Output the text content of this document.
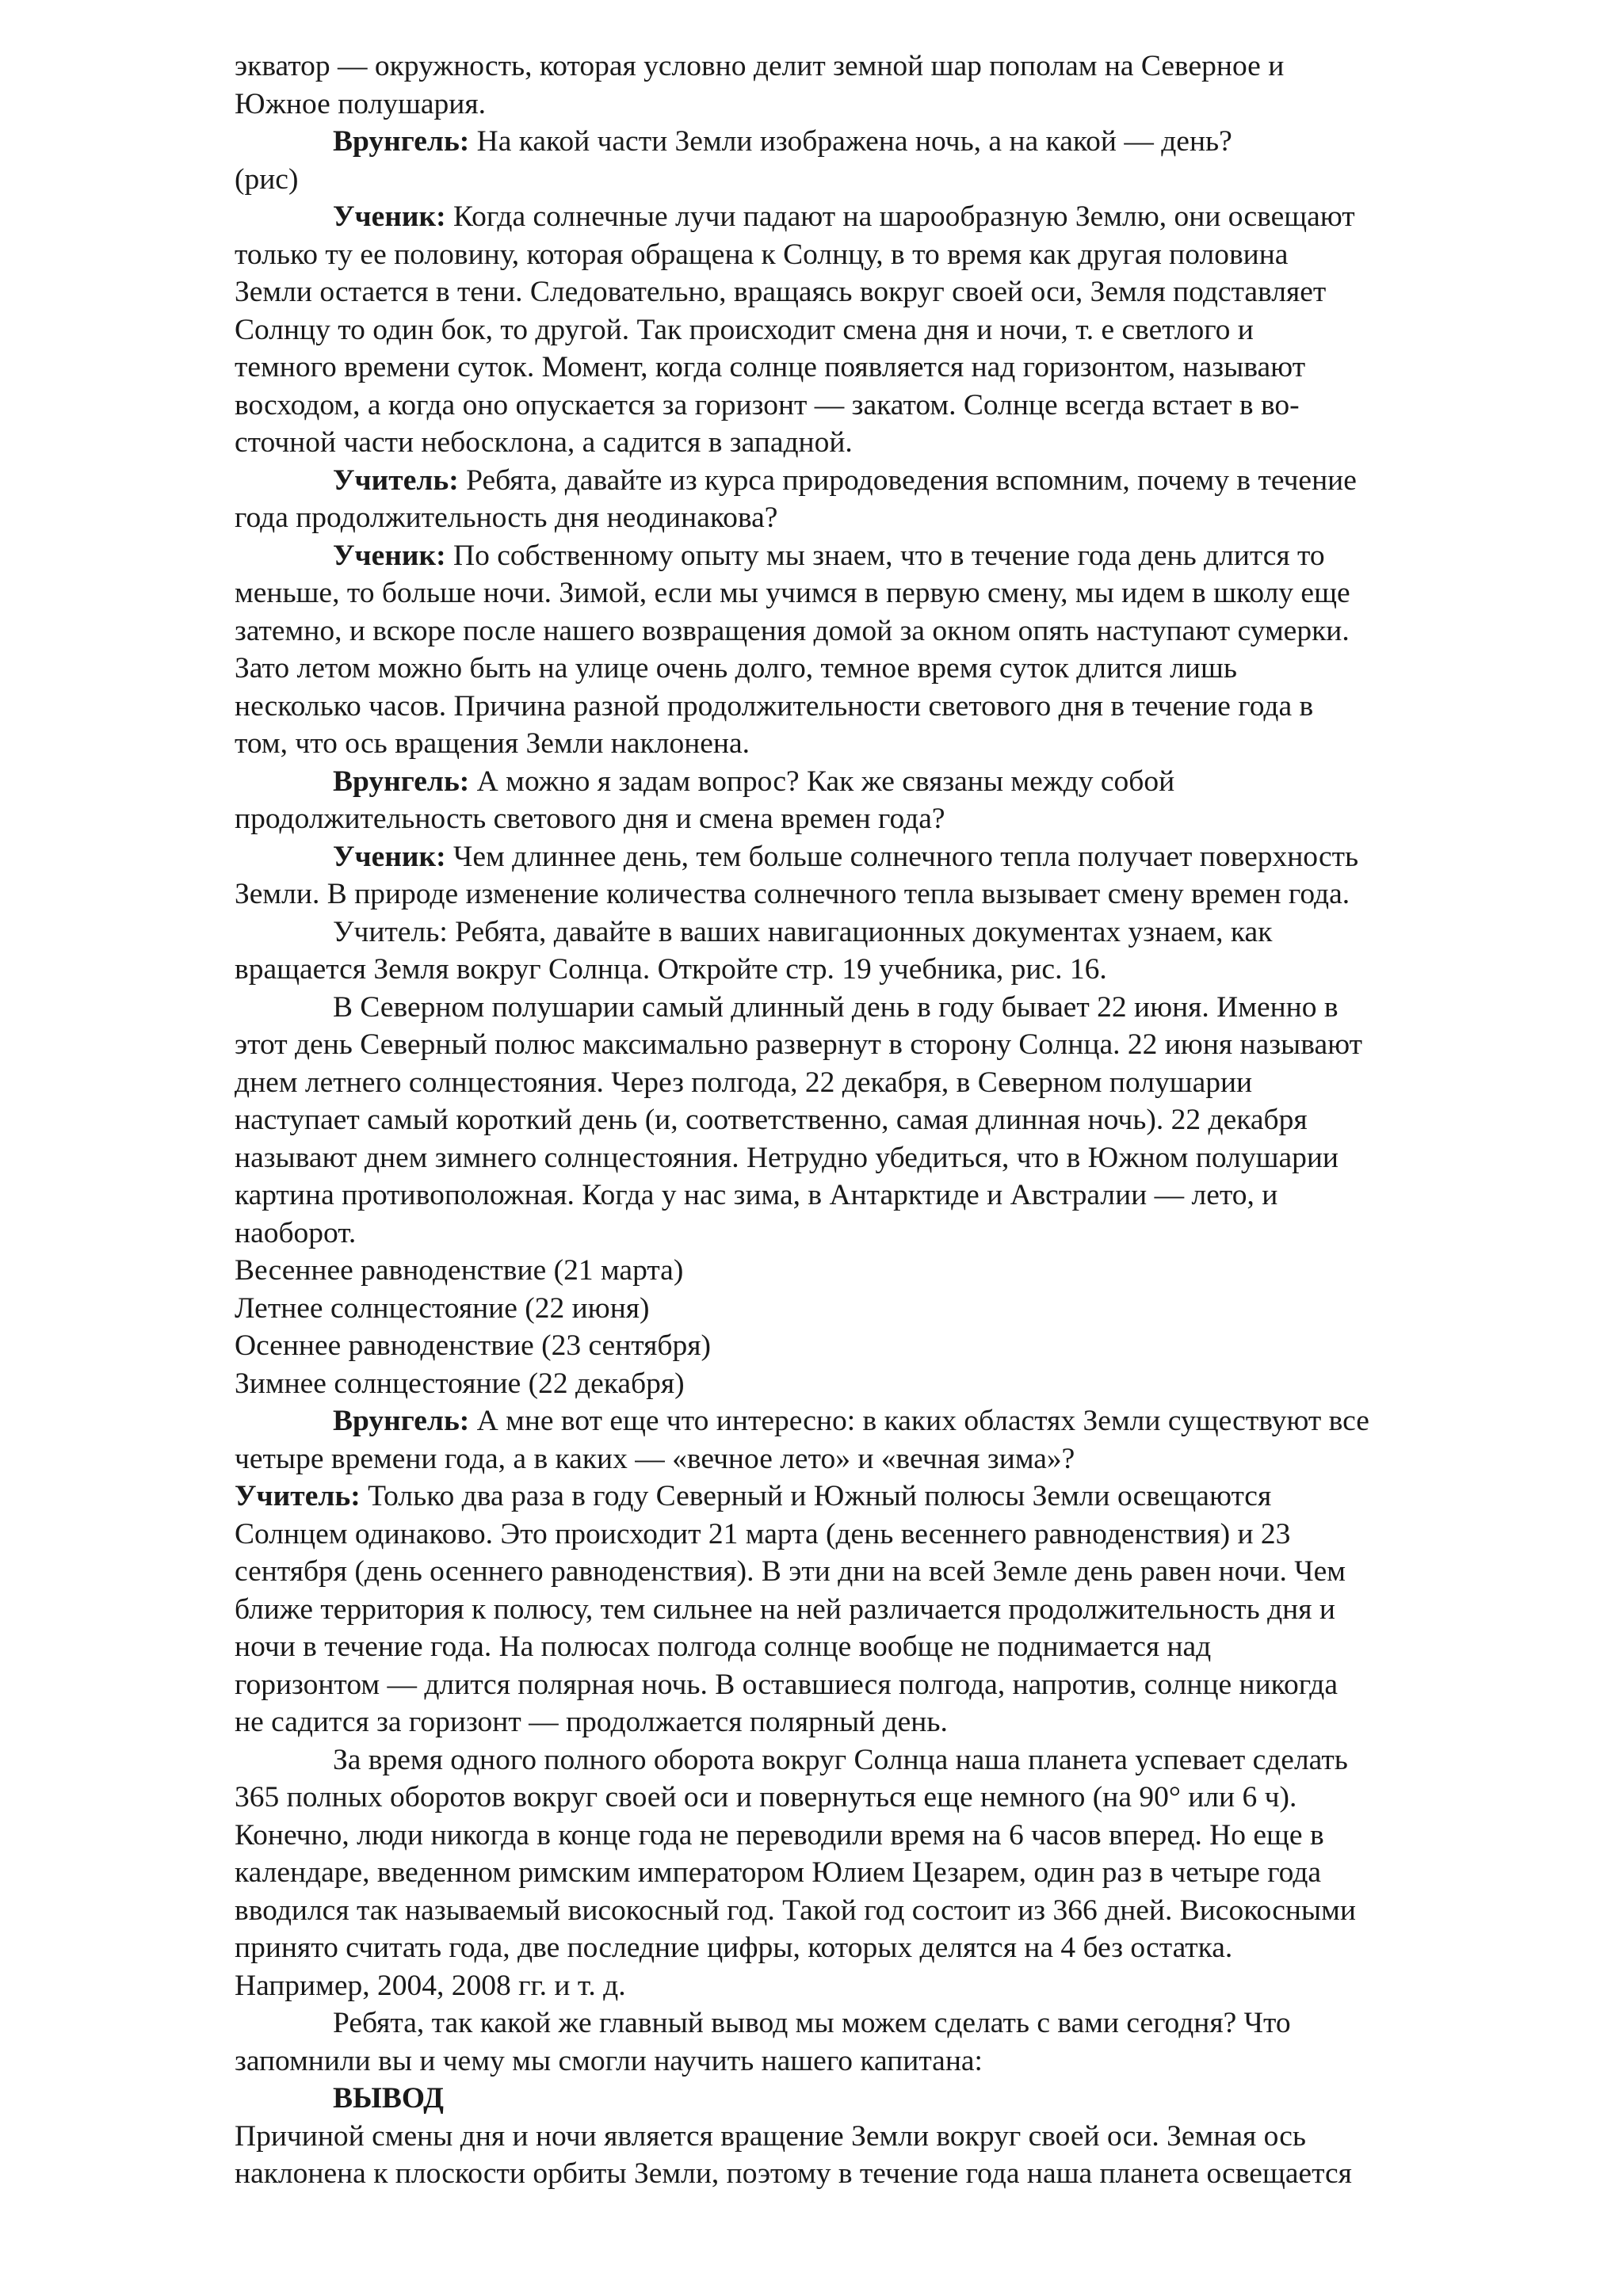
экватор — окружность, которая условно делит земной шар пополам на Северное и
Южное полушария.
Врунгель: На какой части Земли изображена ночь, а на какой — день?
(рис)
Ученик: Когда солнечные лучи падают на шарообразную Землю, они освещают
только ту ее половину, которая обращена к Солнцу, в то время как другая половина
Земли остается в тени. Следовательно, вращаясь вокруг своей оси, Земля подставляет
Солнцу то один бок, то другой. Так происходит смена дня и ночи, т. е светлого и
темного времени суток. Момент, когда солнце появляется над горизонтом, называют
восходом, а когда оно опускается за горизонт — закатом. Солнце всегда встает в во-
сточной части небосклона, а садится в западной.
Учитель: Ребята, давайте из курса природоведения вспомним, почему в течение
года продолжительность дня неодинакова?
Ученик: По собственному опыту мы знаем, что в течение года день длится то
меньше, то больше ночи. Зимой, если мы учимся в первую смену, мы идем в школу еще
затемно, и вскоре после нашего возвращения домой за окном опять наступают сумерки.
Зато летом можно быть на улице очень долго, темное время суток длится лишь
несколько часов. Причина разной продолжительности светового дня в течение года в
том, что ось вращения Земли наклонена.
Врунгель: А можно я задам вопрос? Как же связаны между собой
продолжительность светового дня и смена времен года?
Ученик: Чем длиннее день, тем больше солнечного тепла получает поверхность
Земли. В природе изменение количества солнечного тепла вызывает смену времен года.
Учитель: Ребята, давайте в ваших навигационных документах узнаем, как
вращается Земля вокруг Солнца. Откройте стр. 19 учебника, рис. 16.
В Северном полушарии самый длинный день в году бывает 22 июня. Именно в
этот день Северный полюс максимально развернут в сторону Солнца. 22 июня называют
днем летнего солнцестояния. Через полгода, 22 декабря, в Северном полушарии
наступает самый короткий день (и, соответственно, самая длинная ночь). 22 декабря
называют днем зимнего солнцестояния. Нетрудно убедиться, что в Южном полушарии
картина противоположная. Когда у нас зима, в Антарктиде и Австралии — лето, и
наоборот.
Весеннее равноденствие (21 марта)
Летнее солнцестояние (22 июня)
Осеннее равноденствие (23 сентября)
Зимнее солнцестояние (22 декабря)
Врунгель: А мне вот еще что интересно: в каких областях Земли существуют все
четыре времени года, а в каких — «вечное лето» и «вечная зима»?
Учитель: Только два раза в году Северный и Южный полюсы Земли освещаются
Солнцем одинаково. Это происходит 21 марта (день весеннего равноденствия) и 23
сентября (день осеннего равноденствия). В эти дни на всей Земле день равен ночи. Чем
ближе территория к полюсу, тем сильнее на ней различается продолжительность дня и
ночи в течение года. На полюсах полгода солнце вообще не поднимается над
горизонтом — длится полярная ночь. В оставшиеся полгода, напротив, солнце никогда
не садится за горизонт — продолжается полярный день.
За время одного полного оборота вокруг Солнца наша планета успевает сделать
365 полных оборотов вокруг своей оси и повернуться еще немного (на 90° или 6 ч).
Конечно, люди никогда в конце года не переводили время на 6 часов вперед. Но еще в
календаре, введенном римским императором Юлием Цезарем, один раз в четыре года
вводился так называемый високосный год. Такой год состоит из 366 дней. Високосными
принято считать года, две последние цифры, которых делятся на 4 без остатка.
Например, 2004, 2008 гг. и т. д.
Ребята, так какой же главный вывод мы можем сделать с вами сегодня? Что
запомнили вы и чему мы смогли научить нашего капитана:
ВЫВОД
Причиной смены дня и ночи является вращение Земли вокруг своей оси. Земная ось
наклонена к плоскости орбиты Земли, поэтому в течение года наша планета освещается
